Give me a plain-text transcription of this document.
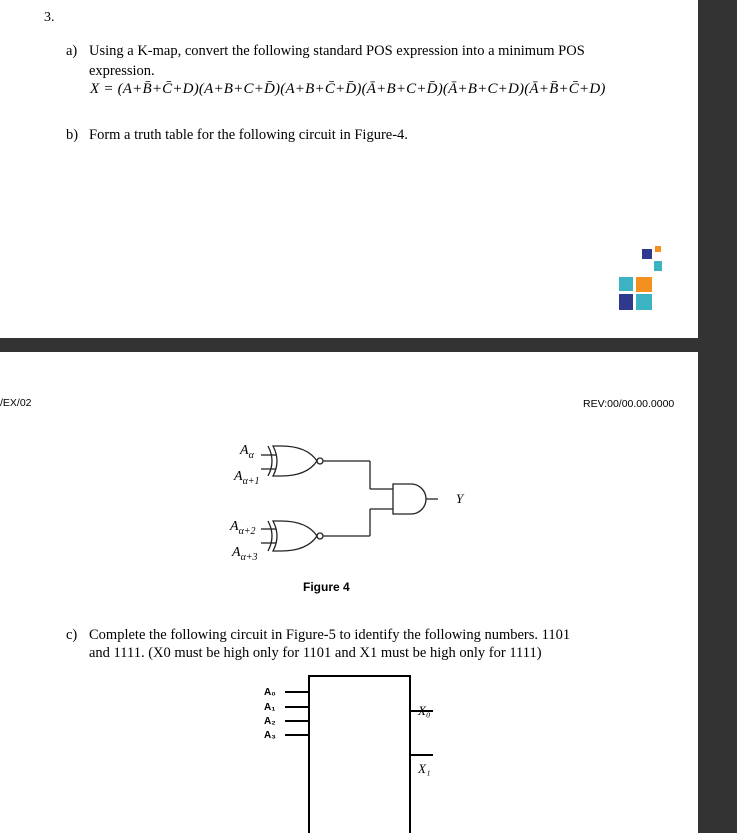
3.
a) Using a K-map, convert the following standard POS expression into a minimum POS
expression.
X = (A+B̄+C̄+D)(A+B+C+D̄)(A+B+C̄+D̄)(Ā+B+C+D̄)(Ā+B+C+D)(Ā+B̄+C̄+D)
b) Form a truth table for the following circuit in Figure-4.
/EX/02	REV:00/00.00.0000
$A_\alpha$
$A_{\alpha+1}$
$A_{\alpha+2}$
$A_{\alpha+3}$
Y
Figure 4
c) Complete the following circuit in Figure-5 to identify the following numbers. 1101
and 1111. (X0 must be high only for 1101 and X1 must be high only for 1111)
A₀
A₁
A₂
A₃
X₀
X₁
